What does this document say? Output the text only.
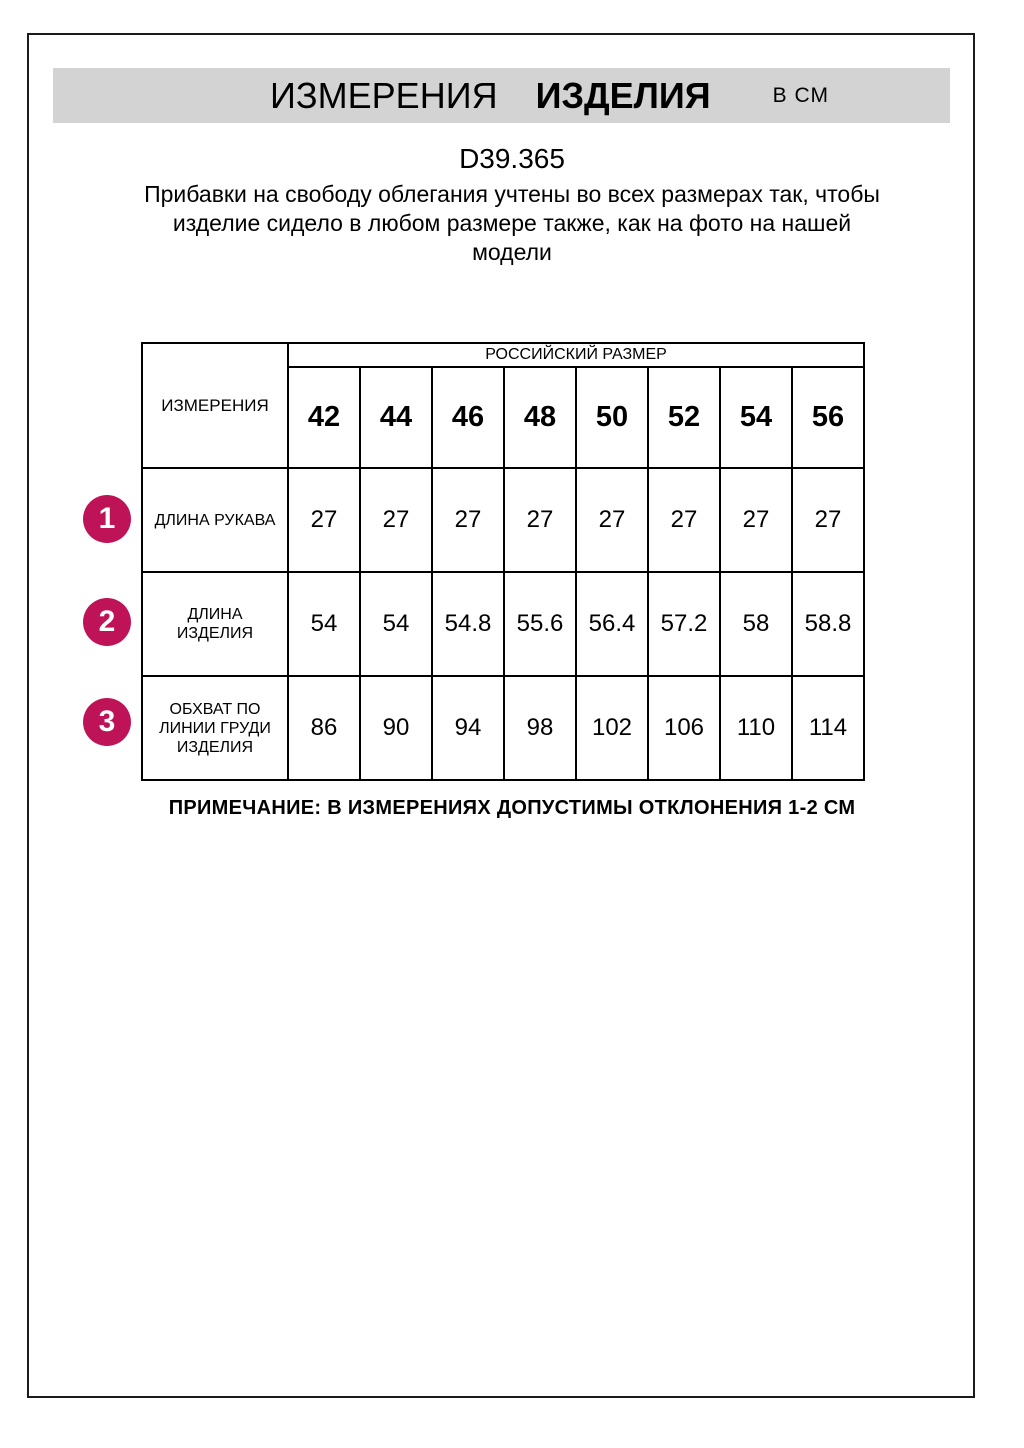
ИЗМЕРЕНИЯ ИЗДЕЛИЯ	В СМ
D39.365
Прибавки на свободу облегания учтены во всех размерах так, чтобы
изделие сидело в любом размере также, как на фото на нашей
модели
ИЗМЕРЕНИЯ	РОССИЙСКИЙ РАЗМЕР							
	42	44	46	48	50	52	54	56
ДЛИНА РУКАВА	27	27	27	27	27	27	27	27
ДЛИНА
ИЗДЕЛИЯ	54	54	54.8	55.6	56.4	57.2	58	58.8
ОБХВАТ ПО
ЛИНИИ ГРУДИ
ИЗДЕЛИЯ	86	90	94	98	102	106	110	114
1
2
3
ПРИМЕЧАНИЕ: В ИЗМЕРЕНИЯХ ДОПУСТИМЫ ОТКЛОНЕНИЯ 1-2 СМ
